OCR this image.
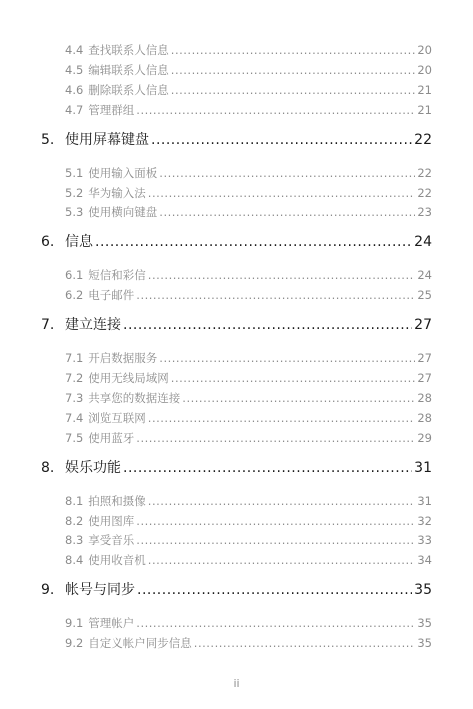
4.4 查找联系人信息 .....	20
4.5 编辑联系人信息 .....	20
4.6 删除联系人信息 .....	21
4.7 管理群组 .....	21
5. 使用屏幕键盘 .....	22
5.1 使用输入面板 .....	22
5.2 华为输入法 .....	22
5.3 使用横向键盘 .....	23
6. 信息 .....	24
6.1 短信和彩信 .....	24
6.2 电子邮件 .....	25
7. 建立连接 .....	27
7.1 开启数据服务 .....	27
7.2 使用无线局域网 .....	27
7.3 共享您的数据连接 .....	28
7.4 浏览互联网 .....	28
7.5 使用蓝牙 .....	29
8. 娱乐功能 .....	31
8.1 拍照和摄像 .....	31
8.2 使用图库 .....	32
8.3 享受音乐 .....	33
8.4 使用收音机 .....	34
9. 帐号与同步 .....	35
9.1 管理帐户 .....	35
9.2 自定义帐户同步信息 .....	35
ii
